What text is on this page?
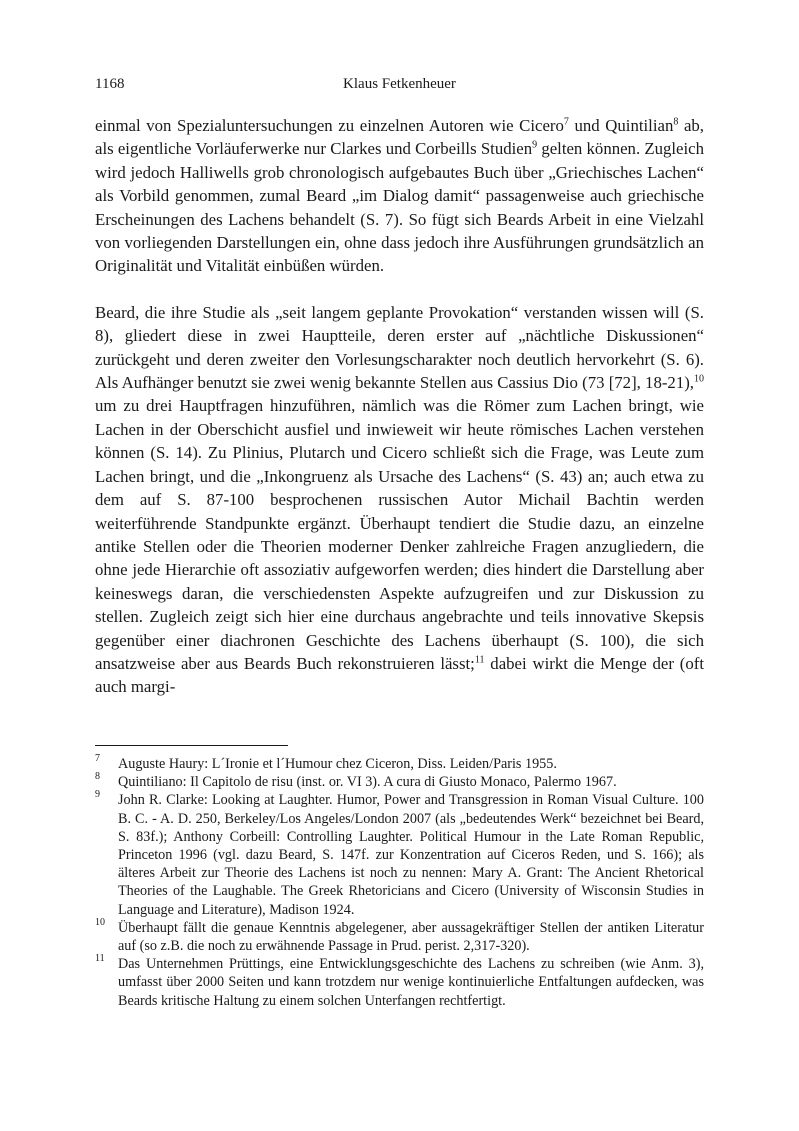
1168	Klaus Fetkenheuer

einmal von Spezialuntersuchungen zu einzelnen Autoren wie Cicero$^7$ und Quintilian$^8$ ab, als eigentliche Vorläuferwerke nur Clarkes und Corbeills Studien$^9$ gelten können. Zugleich wird jedoch Halliwells grob chronologisch aufgebautes Buch über „Griechisches Lachen“ als Vorbild genommen, zumal Beard „im Dialog damit“ passagenweise auch griechische Erscheinungen des Lachens behandelt (S. 7). So fügt sich Beards Arbeit in eine Vielzahl von vorliegenden Darstellungen ein, ohne dass jedoch ihre Ausführungen grundsätzlich an Originalität und Vitalität einbüßen würden.

Beard, die ihre Studie als „seit langem geplante Provokation“ verstanden wissen will (S. 8), gliedert diese in zwei Hauptteile, deren erster auf „nächtliche Diskussionen“ zurückgeht und deren zweiter den Vorlesungscharakter noch deutlich hervorkehrt (S. 6). Als Aufhänger benutzt sie zwei wenig bekannte Stellen aus Cassius Dio (73 [72], 18-21),$^{10}$ um zu drei Hauptfragen hinzuführen, nämlich was die Römer zum Lachen bringt, wie Lachen in der Oberschicht ausfiel und inwieweit wir heute römisches Lachen verstehen können (S. 14). Zu Plinius, Plutarch und Cicero schließt sich die Frage, was Leute zum Lachen bringt, und die „Inkongruenz als Ursache des Lachens“ (S. 43) an; auch etwa zu dem auf S. 87-100 besprochenen russischen Autor Michail Bachtin werden weiterführende Standpunkte ergänzt. Überhaupt tendiert die Studie dazu, an einzelne antike Stellen oder die Theorien moderner Denker zahlreiche Fragen anzugliedern, die ohne jede Hierarchie oft assoziativ aufgeworfen werden; dies hindert die Darstellung aber keineswegs daran, die verschiedensten Aspekte aufzugreifen und zur Diskussion zu stellen. Zugleich zeigt sich hier eine durchaus angebrachte und teils innovative Skepsis gegenüber einer diachronen Geschichte des Lachens überhaupt (S. 100), die sich ansatzweise aber aus Beards Buch rekonstruieren lässt;$^{11}$ dabei wirkt die Menge der (oft auch margi-

7 Auguste Haury: L´Ironie et l´Humour chez Ciceron, Diss. Leiden/Paris 1955.

8 Quintiliano: Il Capitolo de risu (inst. or. VI 3). A cura di Giusto Monaco, Palermo 1967.

9 John R. Clarke: Looking at Laughter. Humor, Power and Transgression in Roman Visual Culture. 100 B. C. - A. D. 250, Berkeley/Los Angeles/London 2007 (als „bedeutendes Werk“ bezeichnet bei Beard, S. 83f.); Anthony Corbeill: Controlling Laughter. Political Humour in the Late Roman Republic, Princeton 1996 (vgl. dazu Beard, S. 147f. zur Konzentration auf Ciceros Reden, und S. 166); als älteres Arbeit zur Theorie des Lachens ist noch zu nennen: Mary A. Grant: The Ancient Rhetorical Theories of the Laughable. The Greek Rhetoricians and Cicero (University of Wisconsin Studies in Language and Literature), Madison 1924.

10 Überhaupt fällt die genaue Kenntnis abgelegener, aber aussagekräftiger Stellen der antiken Literatur auf (so z.B. die noch zu erwähnende Passage in Prud. perist. 2,317-320).

11 Das Unternehmen Prüttings, eine Entwicklungsgeschichte des Lachens zu schreiben (wie Anm. 3), umfasst über 2000 Seiten und kann trotzdem nur wenige kontinuierliche Entfaltungen aufdecken, was Beards kritische Haltung zu einem solchen Unterfangen rechtfertigt.
